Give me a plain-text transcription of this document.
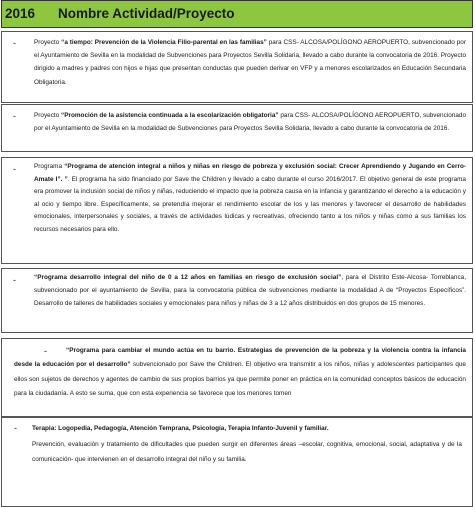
2016 Nombre Actividad/Proyecto
-	Proyecto “a tiempo: Prevención de la Violencia Filio-parental en las familias” para CSS- ALCOSA/POLÍGONO AEROPUERTO, subvencionado por el Ayuntamiento de Sevilla en la modalidad de Subvenciones para Proyectos Sevilla Solidaria, llevado a cabo durante la convocatoria de 2016. Proyecto dirigido a madres y padres con hijos e hijas que presentan conductas que pueden derivar en VFP y a menores escolarizados en Educación Secundaria Obligatoria.
-	Proyecto “Promoción de la asistencia continuada a la escolarización obligatoria” para CSS- ALCOSA/POLÍGONO AEROPUERTO, subvencionado por el Ayuntamiento de Sevilla en la modalidad de Subvenciones para Proyectos Sevilla Solidaria, llevado a cabo durante la convocatoria de 2016.
-	Programa “Programa de atención integral a niños y niñas en riesgo de pobreza y exclusión social: Crecer Aprendiendo y Jugando en Cerro-Amate I”. ”. El programa ha sido financiado por Save the Children y llevado a cabo durante el curso 2016/2017. El objetivo general de este programa era promover la inclusión social de niños y niñas, reduciendo el impacto que la pobreza causa en la infancia y garantizando el derecho a la educación y al ocio y tiempo libre. Específicamente, se pretendía mejorar el rendimiento escolar de los y las menores y favorecer el desarrollo de habilidades emocionales, interpersonales y sociales, a través de actividades lúdicas y recreativas, ofreciendo tanto a los niños y niñas como a sus familias los recursos necesarios para ello.
-	“Programa desarrollo integral del niño de 0 a 12 años en familias en riesgo de exclusión social”, para el Distrito Este-Alcosa- Torreblanca, subvencionado por el ayuntamiento de Sevilla, para la convocatoria pública de subvenciones mediante la modalidad A de “Proyectos Específicos”. Desarrollo de talleres de habilidades sociales y emocionales para niños y niñas de 3 a 12 años distribuidos en dos grupos de 15 menores.
-	“Programa para cambiar el mundo actúa en tu barrio. Estrategias de prevención de la pobreza y la violencia contra la infancia desde la educación por el desarrollo” subvencionado por Save the Children. El objetivo era transmitir a los niños, niñas y adolescentes participantes que ellos son sujetos de derechos y agentes de cambio de sus propios barrios ya que permite poner en práctica en la comunidad conceptos básicos de educación para la ciudadanía. A esto se suma, que con esta experiencia se favorece que los menores tomen
- Terapia: Logopedia, Pedagogía, Atención Temprana, Psicología, Terapia Infanto-Juvenil y familiar.
Prevención, evaluación y tratamiento de dificultades que pueden surgir en diferentes áreas –escolar, cognitiva, emocional, social, adaptativa y de la comunicación- que intervienen en el desarrollo integral del niño y su familia.
